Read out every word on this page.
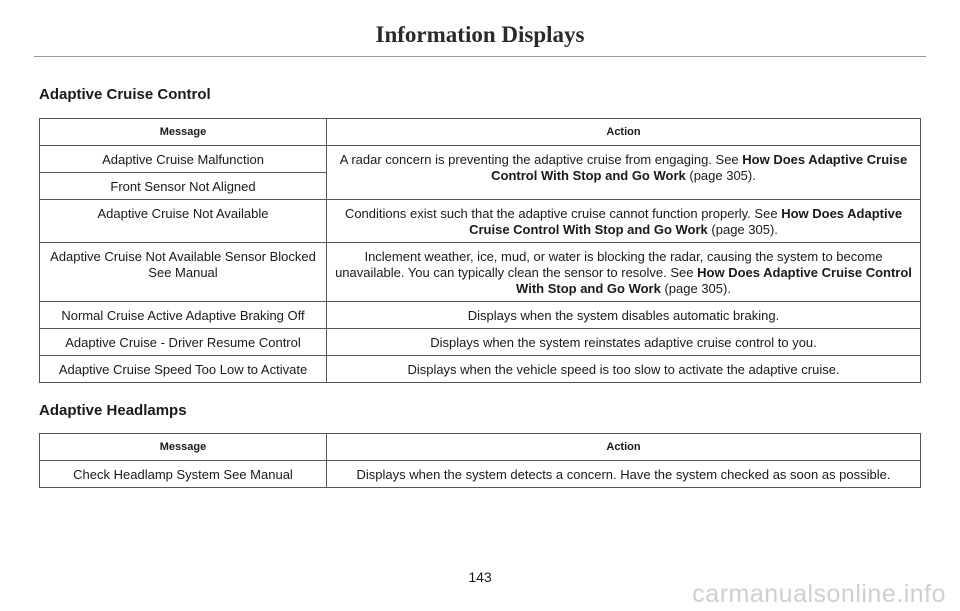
Information Displays
Adaptive Cruise Control
Message	Action
Adaptive Cruise Malfunction	A radar concern is preventing the adaptive cruise from engaging. See How Does Adaptive Cruise Control With Stop and Go Work (page 305).
Front Sensor Not Aligned	
Adaptive Cruise Not Available	Conditions exist such that the adaptive cruise cannot function properly. See How Does Adaptive Cruise Control With Stop and Go Work (page 305).
Adaptive Cruise Not Available Sensor Blocked See Manual	Inclement weather, ice, mud, or water is blocking the radar, causing the system to become unavailable. You can typically clean the sensor to resolve. See How Does Adaptive Cruise Control With Stop and Go Work (page 305).
Normal Cruise Active Adaptive Braking Off	Displays when the system disables automatic braking.
Adaptive Cruise - Driver Resume Control	Displays when the system reinstates adaptive cruise control to you.
Adaptive Cruise Speed Too Low to Activate	Displays when the vehicle speed is too slow to activate the adaptive cruise.
Adaptive Headlamps
Message	Action
Check Headlamp System See Manual	Displays when the system detects a concern. Have the system checked as soon as possible.
143
carmanualsonline.info
